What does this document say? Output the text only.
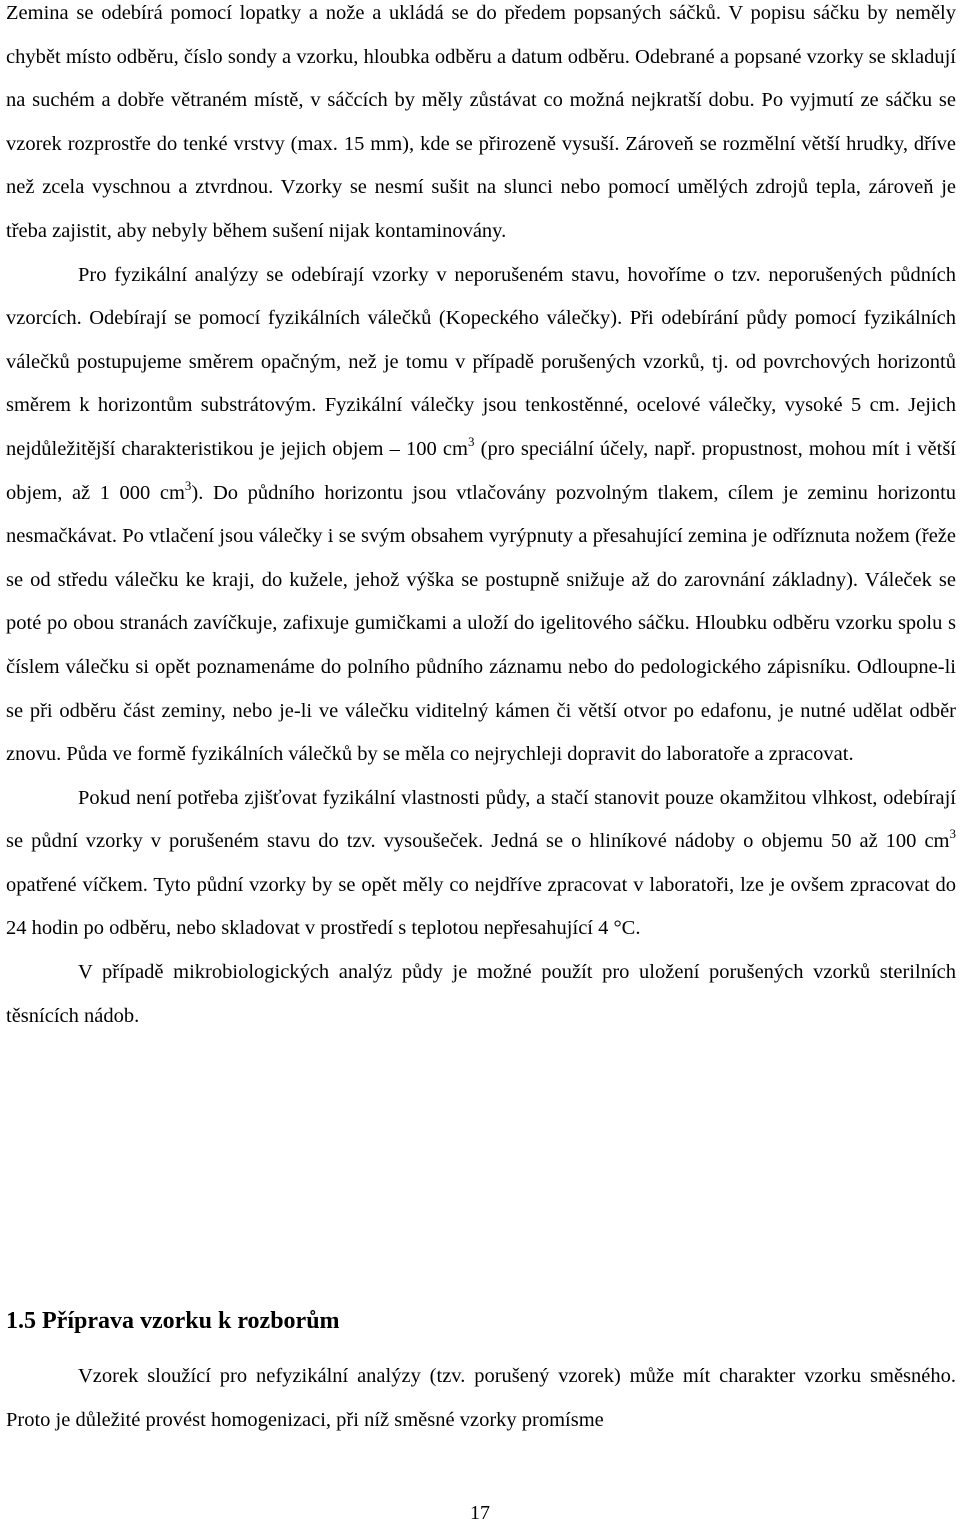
Zemina se odebírá pomocí lopatky a nože a ukládá se do předem popsaných sáčků. V popisu sáčku by neměly chybět místo odběru, číslo sondy a vzorku, hloubka odběru a datum odběru. Odebrané a popsané vzorky se skladují na suchém a dobře větraném místě, v sáčcích by měly zůstávat co možná nejkratší dobu. Po vyjmutí ze sáčku se vzorek rozprostře do tenké vrstvy (max. 15 mm), kde se přirozeně vysuší. Zároveň se rozmělní větší hrudky, dříve než zcela vyschnou a ztvrdnou. Vzorky se nesmí sušit na slunci nebo pomocí umělých zdrojů tepla, zároveň je třeba zajistit, aby nebyly během sušení nijak kontaminovány.

Pro fyzikální analýzy se odebírají vzorky v neporušeném stavu, hovoříme o tzv. neporušených půdních vzorcích. Odebírají se pomocí fyzikálních válečků (Kopeckého válečky). Při odebírání půdy pomocí fyzikálních válečků postupujeme směrem opačným, než je tomu v případě porušených vzorků, tj. od povrchových horizontů směrem k horizontům substrátovým. Fyzikální válečky jsou tenkostěnné, ocelové válečky, vysoké 5 cm. Jejich nejdůležitější charakteristikou je jejich objem – 100 $cm^3$ (pro speciální účely, např. propustnost, mohou mít i větší objem, až 1 000 $cm^3$). Do půdního horizontu jsou vtlačovány pozvolným tlakem, cílem je zeminu horizontu nesmačkávat. Po vtlačení jsou válečky i se svým obsahem vyrýpnuty a přesahující zemina je odříznuta nožem (řeže se od středu válečku ke kraji, do kuželе, jehož výška se postupně snižuje až do zarovnání základny). Váleček se poté po obou stranách zavíčkuje, zafixuje gumičkami a uloží do igelitového sáčku. Hloubku odběru vzorku spolu s číslem válečku si opět poznamenáme do polního půdního záznamu nebo do pedologického zápisníku. Odloupne-li se při odběru část zeminy, nebo je-li ve válečku viditelný kámen či větší otvor po edafonu, je nutné udělat odběr znovu. Půda ve formě fyzikálních válečků by se měla co nejrychleji dopravit do laboratoře a zpracovat.

Pokud není potřeba zjišťovat fyzikální vlastnosti půdy, a stačí stanovit pouze okamžitou vlhkost, odebírají se půdní vzorky v porušeném stavu do tzv. vysoušeček. Jedná se o hliníkové nádoby o objemu 50 až 100 $cm^3$ opatřené víčkem. Tyto půdní vzorky by se opět měly co nejdříve zpracovat v laboratoři, lze je ovšem zpracovat do 24 hodin po odběru, nebo skladovat v prostředí s teplotou nepřesahující 4 °C.

V případě mikrobiologických analýz půdy je možné použít pro uložení porušených vzorků sterilních těsnících nádob.

1.5 Příprava vzorku k rozborům

Vzorek sloužící pro nefyzikální analýzy (tzv. porušený vzorek) může mít charakter vzorku směsného. Proto je důležité provést homogenizaci, při níž směsné vzorky promísme

17
